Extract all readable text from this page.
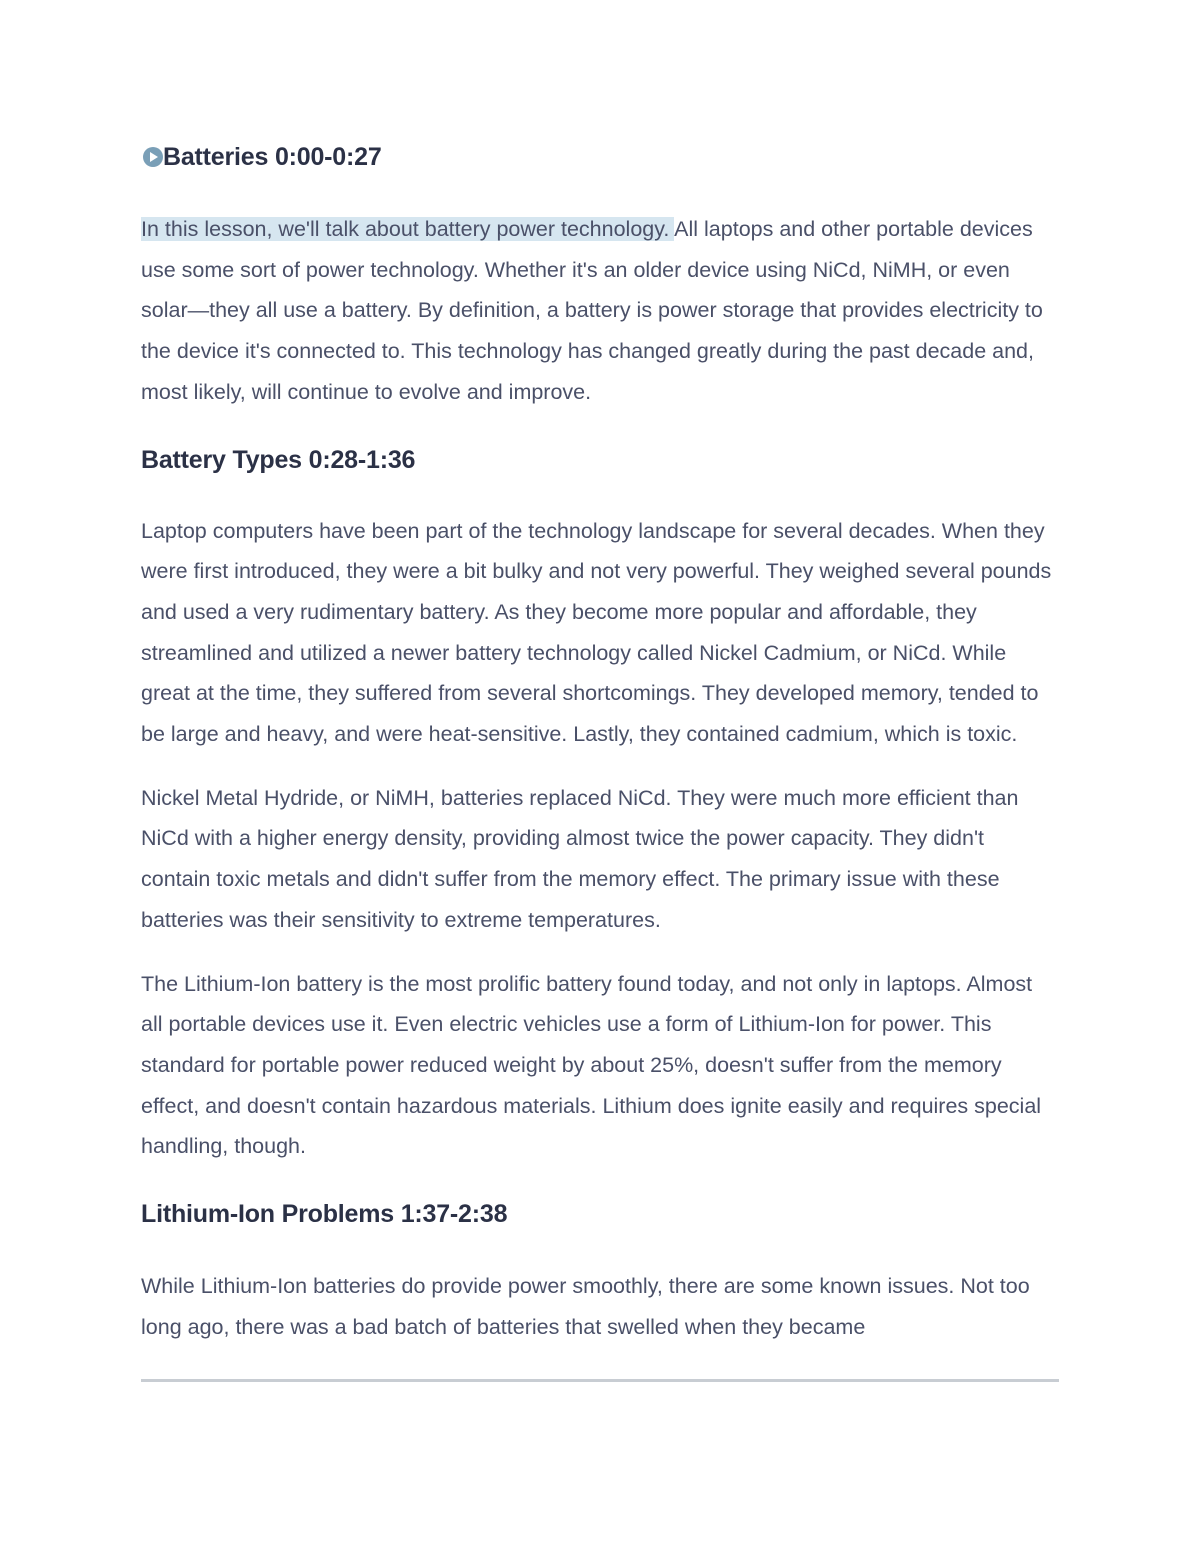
Batteries 0:00-0:27

In this lesson, we'll talk about battery power technology. All laptops and other portable devices use some sort of power technology. Whether it's an older device using NiCd, NiMH, or even solar—they all use a battery. By definition, a battery is power storage that provides electricity to the device it's connected to. This technology has changed greatly during the past decade and, most likely, will continue to evolve and improve.

Battery Types 0:28-1:36

Laptop computers have been part of the technology landscape for several decades. When they were first introduced, they were a bit bulky and not very powerful. They weighed several pounds and used a very rudimentary battery. As they become more popular and affordable, they streamlined and utilized a newer battery technology called Nickel Cadmium, or NiCd. While great at the time, they suffered from several shortcomings. They developed memory, tended to be large and heavy, and were heat-sensitive. Lastly, they contained cadmium, which is toxic.

Nickel Metal Hydride, or NiMH, batteries replaced NiCd. They were much more efficient than NiCd with a higher energy density, providing almost twice the power capacity. They didn't contain toxic metals and didn't suffer from the memory effect. The primary issue with these batteries was their sensitivity to extreme temperatures.

The Lithium-Ion battery is the most prolific battery found today, and not only in laptops. Almost all portable devices use it. Even electric vehicles use a form of Lithium-Ion for power. This standard for portable power reduced weight by about 25%, doesn't suffer from the memory effect, and doesn't contain hazardous materials. Lithium does ignite easily and requires special handling, though.

Lithium-Ion Problems 1:37-2:38

While Lithium-Ion batteries do provide power smoothly, there are some known issues. Not too long ago, there was a bad batch of batteries that swelled when they became
